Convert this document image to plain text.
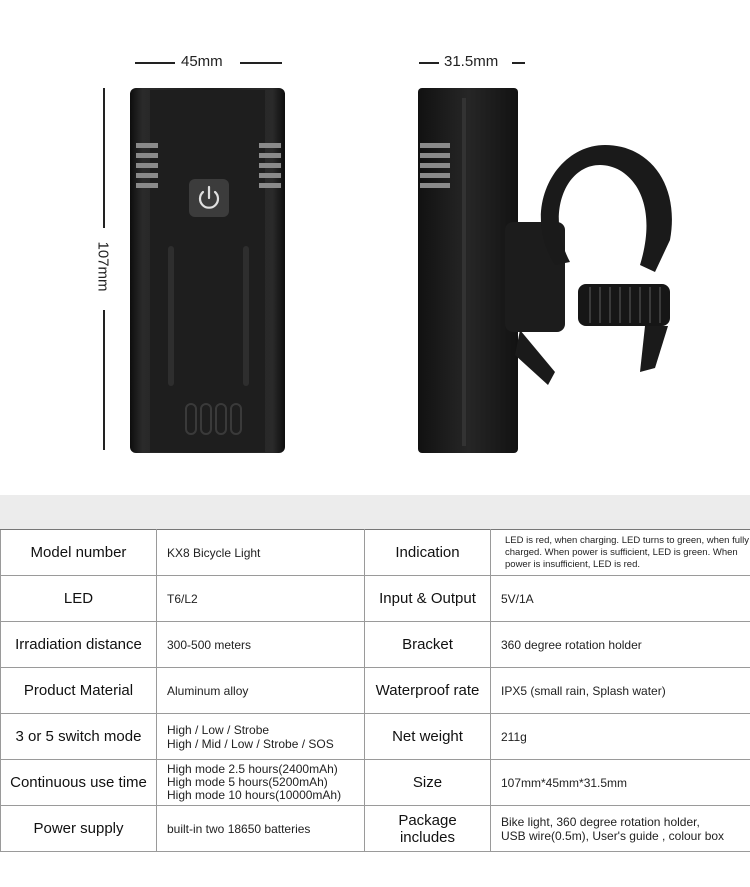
45mm	31.5mm
107mm
Model number	KX8 Bicycle Light	Indication	LED is red, when charging. LED turns to green, when fully
charged. When power is sufficient, LED is green. When
power is insufficient, LED is red.

LED	T6/L2	Input & Output	5V/1A

Irradiation distance	300-500 meters	Bracket	360 degree rotation holder

Product Material	Aluminum alloy	Waterproof rate	IPX5 (small rain, Splash water)

3 or 5 switch mode	High / Low / Strobe
High / Mid / Low / Strobe / SOS	Net weight	211g

Continuous use time	High mode 2.5 hours(2400mAh)
High mode 5 hours(5200mAh)
High mode 10 hours(10000mAh)	Size	107mm*45mm*31.5mm

Power supply	built-in two 18650 batteries	Package includes	Bike light, 360 degree rotation holder,
USB wire(0.5m), User's guide , colour box
